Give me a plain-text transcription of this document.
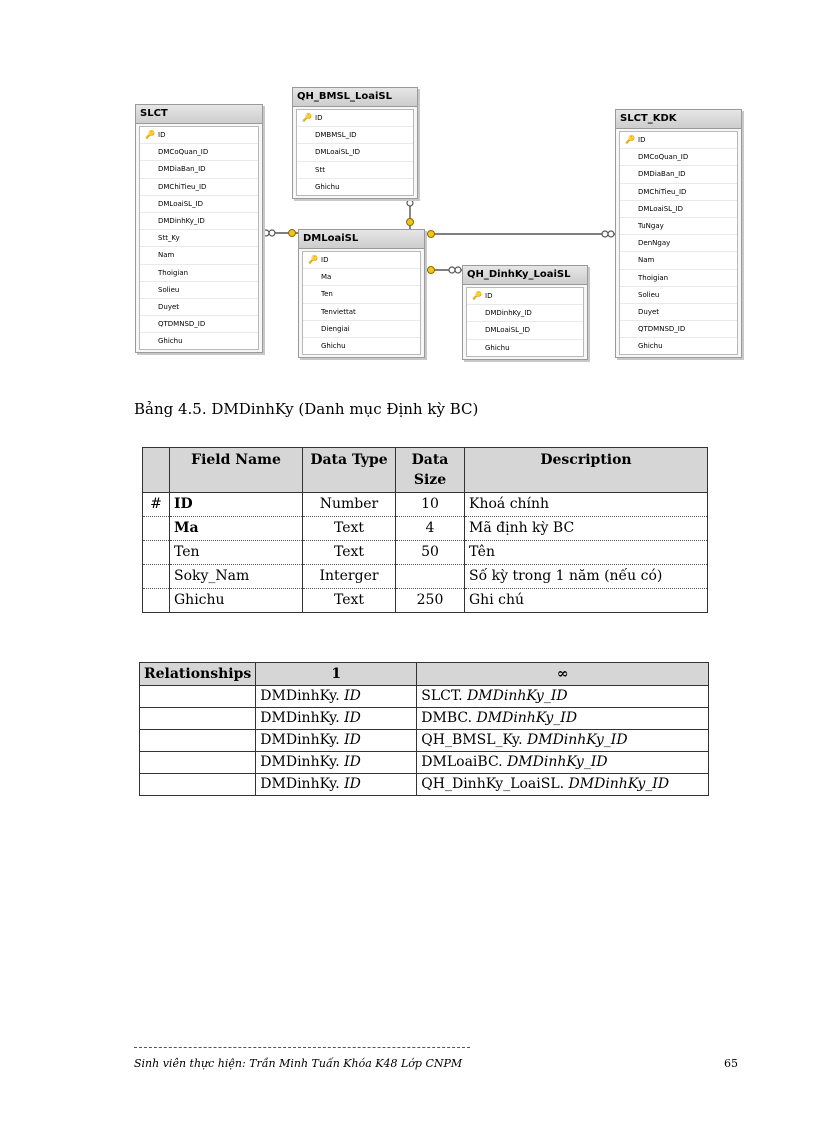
SLCT
🔑 ID
DMCoQuan_ID
DMDiaBan_ID
DMChiTieu_ID
DMLoaiSL_ID
DMDinhKy_ID
Stt_Ky
Nam
Thoigian
Solieu
Duyet
QTDMNSD_ID
Ghichu
QH_BMSL_LoaiSL
🔑 ID
DMBMSL_ID
DMLoaiSL_ID
Stt
Ghichu
DMLoaiSL
🔑 ID
Ma
Ten
Tenviettat
Diengiai
Ghichu
QH_DinhKy_LoaiSL
🔑 ID
DMDinhKy_ID
DMLoaiSL_ID
Ghichu
SLCT_KDK
🔑 ID
DMCoQuan_ID
DMDiaBan_ID
DMChiTieu_ID
DMLoaiSL_ID
TuNgay
DenNgay
Nam
Thoigian
Solieu
Duyet
QTDMNSD_ID
Ghichu
Bảng 4.5. DMDinhKy (Danh mục Định kỳ BC)
	Field Name	Data Type	Data Size	Description
#	ID	Number	10	Khoá chính
	Ma	Text	4	Mã định kỳ BC
	Ten	Text	50	Tên
	Soky_Nam	Interger		Số kỳ trong 1 năm (nếu có)
	Ghichu	Text	250	Ghi chú
Relationships	1	∞
	DMDinhKy. ID	SLCT. DMDinhKy_ID
	DMDinhKy. ID	DMBC. DMDinhKy_ID
	DMDinhKy. ID	QH_BMSL_Ky. DMDinhKy_ID
	DMDinhKy. ID	DMLoaiBC. DMDinhKy_ID
	DMDinhKy. ID	QH_DinhKy_LoaiSL. DMDinhKy_ID
Sinh viên thực hiện: Trần Minh Tuấn Khóa K48 Lớp CNPM	65
